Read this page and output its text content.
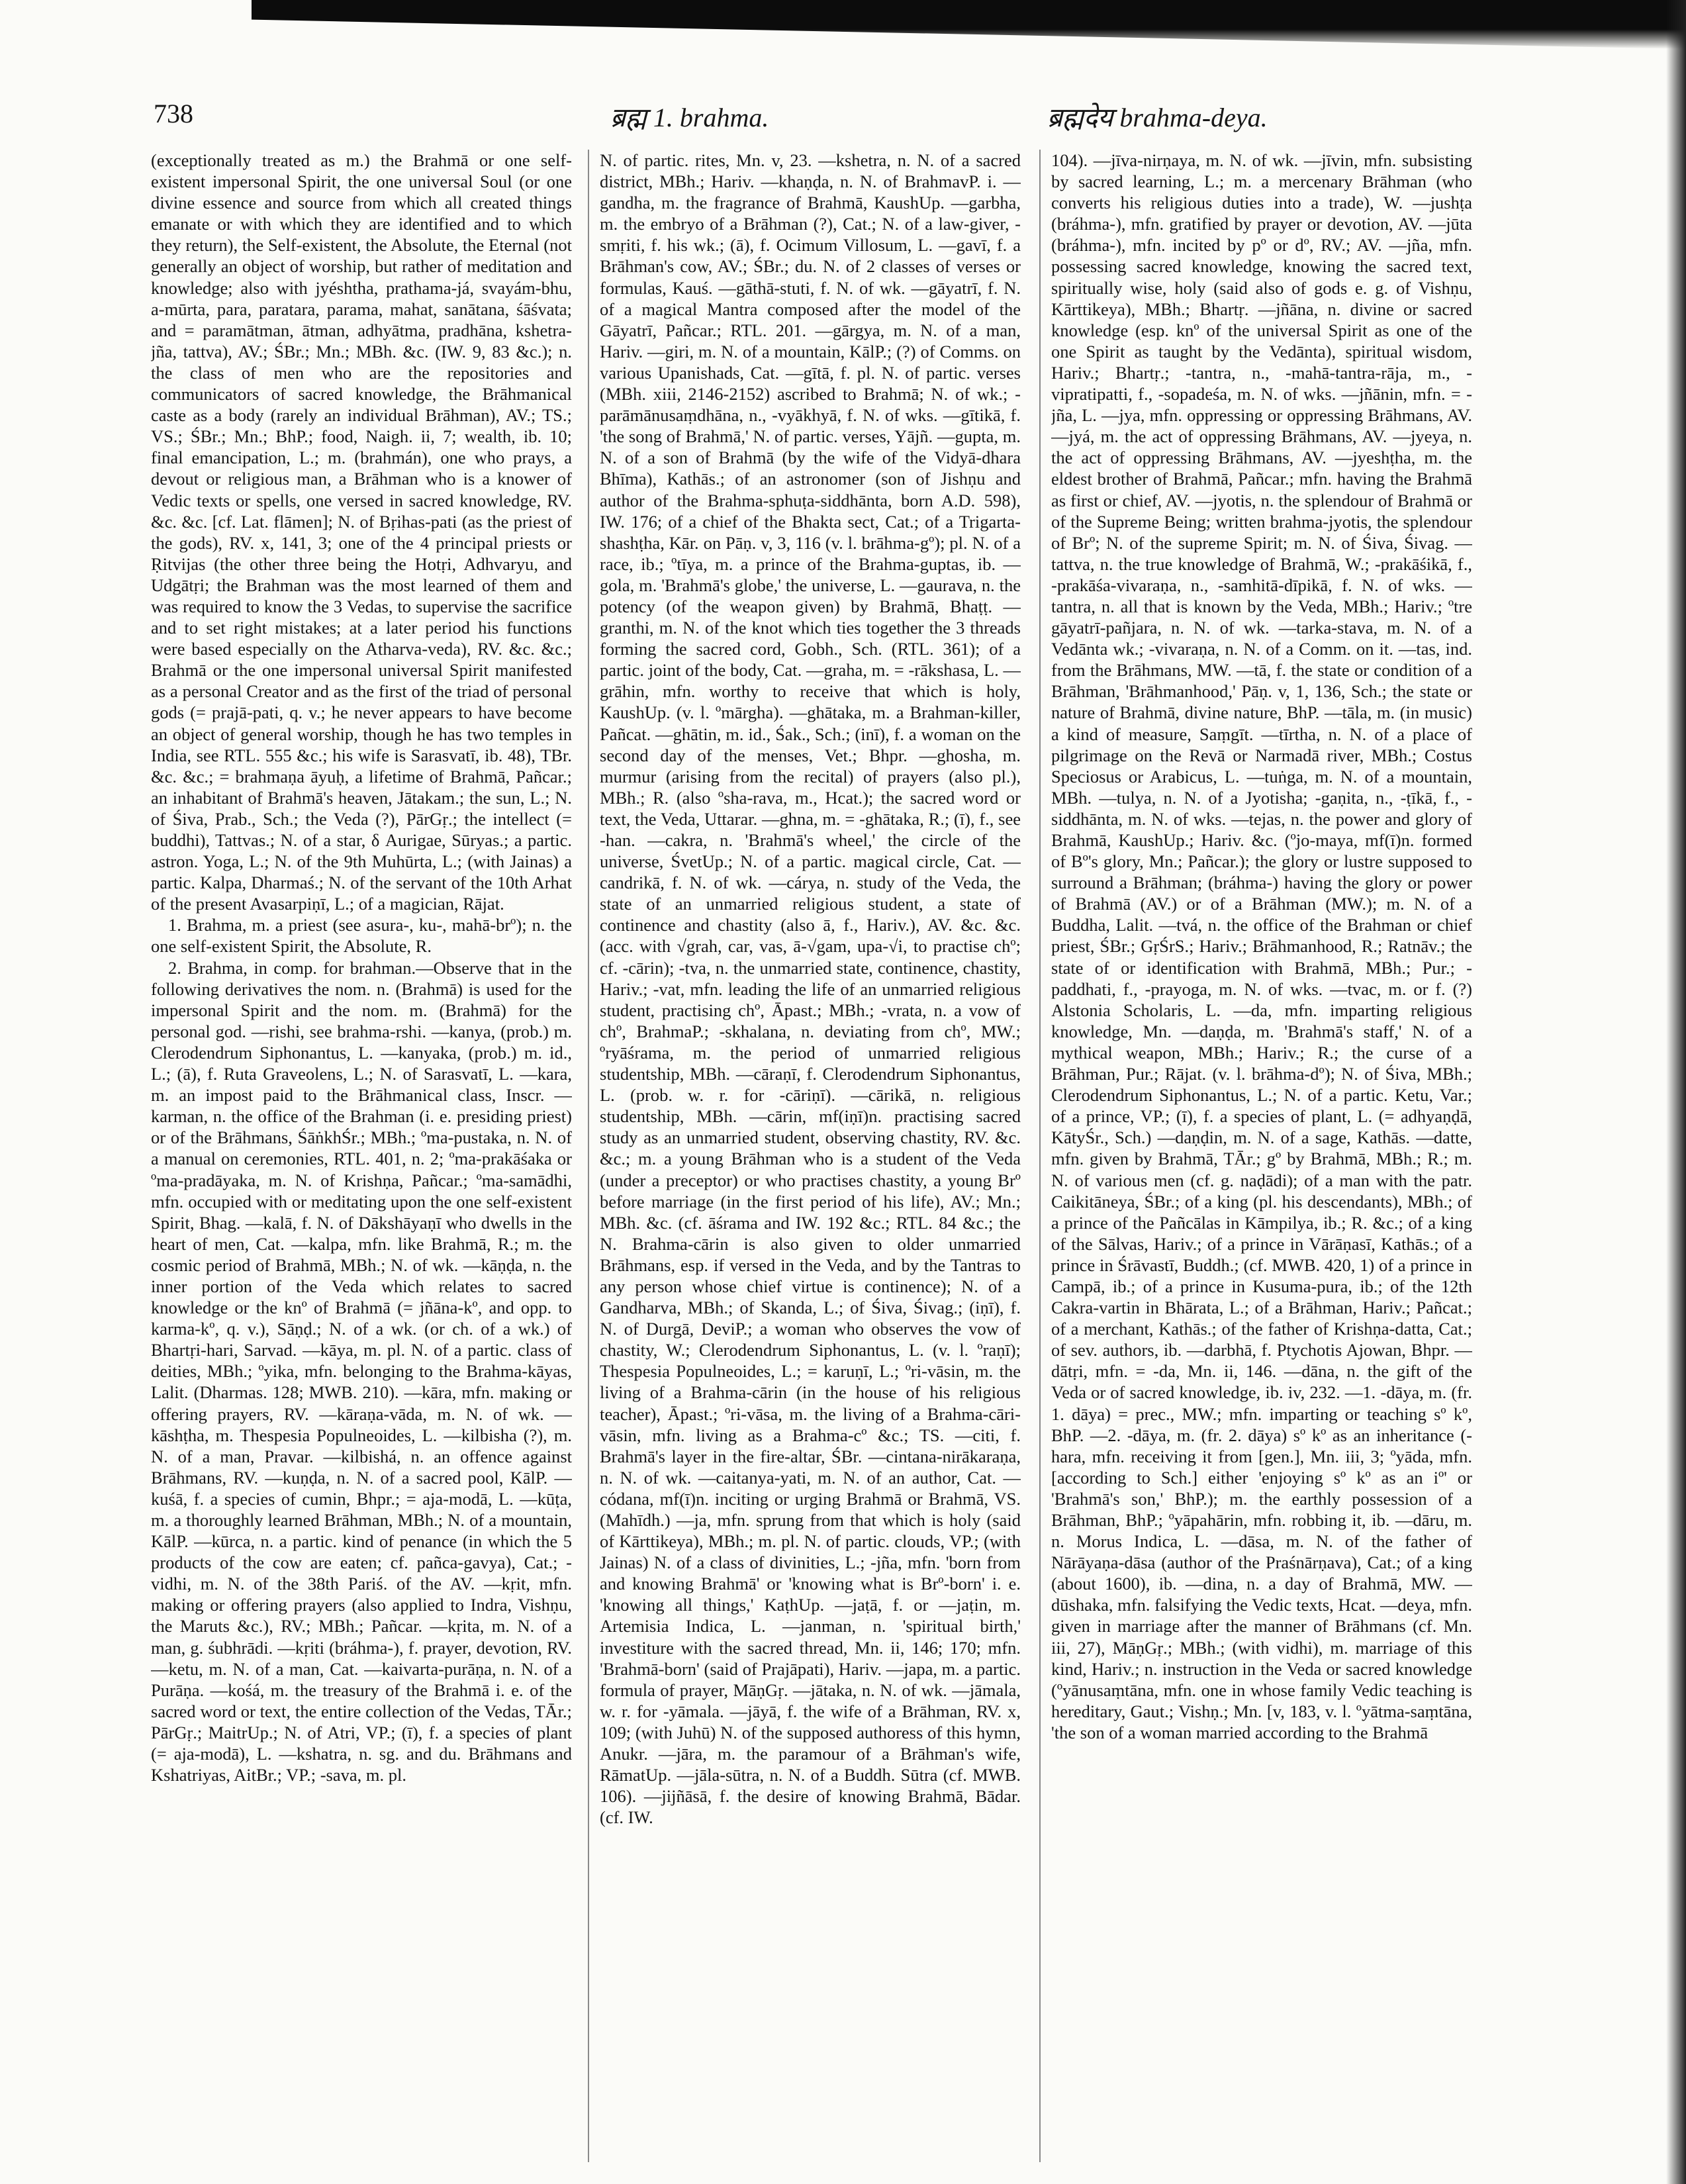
738	ब्रह्म 1. brahma.	ब्रह्मदेय brahma-deya.

(exceptionally treated as m.) the Brahmā or one self-existent impersonal Spirit, the one universal Soul (or one divine essence and source from which all created things emanate or with which they are identified and to which they return), the Self-existent, the Absolute, the Eternal (not generally an object of worship, but rather of meditation and knowledge; also with jyéshtha, prathama-já, svayám-bhu, a-mūrta, para, paratara, parama, mahat, sanātana, śāśvata; and = paramātman, ātman, adhyātma, pradhāna, kshetra-jña, tattva), AV.; ŚBr.; Mn.; MBh. &c. (IW. 9, 83 &c.); n. the class of men who are the repositories and communicators of sacred knowledge, the Brāhmanical caste as a body (rarely an individual Brāhman), AV.; TS.; VS.; ŚBr.; Mn.; BhP.; food, Naigh. ii, 7; wealth, ib. 10; final emancipation, L.; m. (brahmán), one who prays, a devout or religious man, a Brāhman who is a knower of Vedic texts or spells, one versed in sacred knowledge, RV. &c. &c. [cf. Lat. flāmen]; N. of Bṛihas-pati (as the priest of the gods), RV. x, 141, 3; one of the 4 principal priests or Ṛitvijas (the other three being the Hotṛi, Adhvaryu, and Udgātṛi; the Brahman was the most learned of them and was required to know the 3 Vedas, to supervise the sacrifice and to set right mistakes; at a later period his functions were based especially on the Atharva-veda), RV. &c. &c.; Brahmā or the one impersonal universal Spirit manifested as a personal Creator and as the first of the triad of personal gods (= prajā-pati, q. v.; he never appears to have become an object of general worship, though he has two temples in India, see RTL. 555 &c.; his wife is Sarasvatī, ib. 48), TBr. &c. &c.; = brahmaṇa āyuḥ, a lifetime of Brahmā, Pañcar.; an inhabitant of Brahmā's heaven, Jātakam.; the sun, L.; N. of Śiva, Prab., Sch.; the Veda (?), PārGṛ.; the intellect (= buddhi), Tattvas.; N. of a star, δ Aurigae, Sūryas.; a partic. astron. Yoga, L.; N. of the 9th Muhūrta, L.; (with Jainas) a partic. Kalpa, Dharmaś.; N. of the servant of the 10th Arhat of the present Avasarpiṇī, L.; of a magician, Rājat.

1. Brahma, m. a priest (see asura-, ku-, mahā-brº); n. the one self-existent Spirit, the Absolute, R.

2. Brahma, in comp. for brahman.—Observe that in the following derivatives the nom. n. (Brahmā) is used for the impersonal Spirit and the nom. m. (Brahmā) for the personal god. —rishi, see brahma-rshi. —kanya, (prob.) m. Clerodendrum Siphonantus, L. —kanyaka, (prob.) m. id., L.; (ā), f. Ruta Graveolens, L.; N. of Sarasvatī, L. —kara, m. an impost paid to the Brāhmanical class, Inscr. —karman, n. the office of the Brahman (i. e. presiding priest) or of the Brāhmans, ŚāṅkhŚr.; MBh.; ºma-pustaka, n. N. of a manual on ceremonies, RTL. 401, n. 2; ºma-prakāśaka or ºma-pradāyaka, m. N. of Krishṇa, Pañcar.; ºma-samādhi, mfn. occupied with or meditating upon the one self-existent Spirit, Bhag. —kalā, f. N. of Dākshāyaṇī who dwells in the heart of men, Cat. —kalpa, mfn. like Brahmā, R.; m. the cosmic period of Brahmā, MBh.; N. of wk. —kāṇḍa, n. the inner portion of the Veda which relates to sacred knowledge or the knº of Brahmā (= jñāna-kº, and opp. to karma-kº, q. v.), Sāṇḍ.; N. of a wk. (or ch. of a wk.) of Bhartṛi-hari, Sarvad. —kāya, m. pl. N. of a partic. class of deities, MBh.; ºyika, mfn. belonging to the Brahma-kāyas, Lalit. (Dharmas. 128; MWB. 210). —kāra, mfn. making or offering prayers, RV. —kāraṇa-vāda, m. N. of wk. —kāshṭha, m. Thespesia Populneoides, L. —kilbisha (?), m. N. of a man, Pravar. —kilbishá, n. an offence against Brāhmans, RV. —kuṇḍa, n. N. of a sacred pool, KālP. —kuśā, f. a species of cumin, Bhpr.; = aja-modā, L. —kūṭa, m. a thoroughly learned Brāhman, MBh.; N. of a mountain, KālP. —kūrca, n. a partic. kind of penance (in which the 5 products of the cow are eaten; cf. pañca-gavya), Cat.; -vidhi, m. N. of the 38th Pariś. of the AV. —kṛit, mfn. making or offering prayers (also applied to Indra, Vishṇu, the Maruts &c.), RV.; MBh.; Pañcar. —kṛita, m. N. of a man, g. śubhrādi. —kṛiti (bráhma-), f. prayer, devotion, RV. —ketu, m. N. of a man, Cat. —kaivarta-purāṇa, n. N. of a Purāṇa. —kośá, m. the treasury of the Brahmā i. e. of the sacred word or text, the entire collection of the Vedas, TĀr.; PārGṛ.; MaitrUp.; N. of Atri, VP.; (ī), f. a species of plant (= aja-modā), L. —kshatra, n. sg. and du. Brāhmans and Kshatriyas, AitBr.; VP.; -sava, m. pl.

N. of partic. rites, Mn. v, 23. —kshetra, n. N. of a sacred district, MBh.; Hariv. —khaṇḍa, n. N. of BrahmavP. i. —gandha, m. the fragrance of Brahmā, KaushUp. —garbha, m. the embryo of a Brāhman (?), Cat.; N. of a law-giver, -smṛiti, f. his wk.; (ā), f. Ocimum Villosum, L. —gavī, f. a Brāhman's cow, AV.; ŚBr.; du. N. of 2 classes of verses or formulas, Kauś. —gāthā-stuti, f. N. of wk. —gāyatrī, f. N. of a magical Mantra composed after the model of the Gāyatrī, Pañcar.; RTL. 201. —gārgya, m. N. of a man, Hariv. —giri, m. N. of a mountain, KālP.; (?) of Comms. on various Upanishads, Cat. —gītā, f. pl. N. of partic. verses (MBh. xiii, 2146-2152) ascribed to Brahmā; N. of wk.; -parāmānusaṃdhāna, n., -vyākhyā, f. N. of wks. —gītikā, f. 'the song of Brahmā,' N. of partic. verses, Yājñ. —gupta, m. N. of a son of Brahmā (by the wife of the Vidyā-dhara Bhīma), Kathās.; of an astronomer (son of Jishṇu and author of the Brahma-sphuṭa-siddhānta, born A.D. 598), IW. 176; of a chief of the Bhakta sect, Cat.; of a Trigarta-shashṭha, Kār. on Pāṇ. v, 3, 116 (v. l. brāhma-gº); pl. N. of a race, ib.; ºtīya, m. a prince of the Brahma-guptas, ib. —gola, m. 'Brahmā's globe,' the universe, L. —gaurava, n. the potency (of the weapon given) by Brahmā, Bhaṭṭ. —granthi, m. N. of the knot which ties together the 3 threads forming the sacred cord, Gobh., Sch. (RTL. 361); of a partic. joint of the body, Cat. —graha, m. = -rākshasa, L. —grāhin, mfn. worthy to receive that which is holy, KaushUp. (v. l. ºmārgha). —ghātaka, m. a Brahman-killer, Pañcat. —ghātin, m. id., Śak., Sch.; (inī), f. a woman on the second day of the menses, Vet.; Bhpr. —ghosha, m. murmur (arising from the recital) of prayers (also pl.), MBh.; R. (also ºsha-rava, m., Hcat.); the sacred word or text, the Veda, Uttarar. —ghna, m. = -ghātaka, R.; (ī), f., see -han. —cakra, n. 'Brahmā's wheel,' the circle of the universe, ŚvetUp.; N. of a partic. magical circle, Cat. —candrikā, f. N. of wk. —cárya, n. study of the Veda, the state of an unmarried religious student, a state of continence and chastity (also ā, f., Hariv.), AV. &c. &c. (acc. with √grah, car, vas, ā-√gam, upa-√i, to practise chº; cf. -cārin); -tva, n. the unmarried state, continence, chastity, Hariv.; -vat, mfn. leading the life of an unmarried religious student, practising chº, Āpast.; MBh.; -vrata, n. a vow of chº, BrahmaP.; -skhalana, n. deviating from chº, MW.; ºryāśrama, m. the period of unmarried religious studentship, MBh. —cāraṇī, f. Clerodendrum Siphonantus, L. (prob. w. r. for -cāriṇī). —cārikā, n. religious studentship, MBh. —cārin, mf(iṇī)n. practising sacred study as an unmarried student, observing chastity, RV. &c. &c.; m. a young Brāhman who is a student of the Veda (under a preceptor) or who practises chastity, a young Brº before marriage (in the first period of his life), AV.; Mn.; MBh. &c. (cf. āśrama and IW. 192 &c.; RTL. 84 &c.; the N. Brahma-cārin is also given to older unmarried Brāhmans, esp. if versed in the Veda, and by the Tantras to any person whose chief virtue is continence); N. of a Gandharva, MBh.; of Skanda, L.; of Śiva, Śivag.; (iṇī), f. N. of Durgā, DeviP.; a woman who observes the vow of chastity, W.; Clerodendrum Siphonantus, L. (v. l. ºraṇī); Thespesia Populneoides, L.; = karuṇī, L.; ºri-vāsin, m. the living of a Brahma-cārin (in the house of his religious teacher), Āpast.; ºri-vāsa, m. the living of a Brahma-cāri-vāsin, mfn. living as a Brahma-cº &c.; TS. —citi, f. Brahmā's layer in the fire-altar, ŚBr. —cintana-nirākaraṇa, n. N. of wk. —caitanya-yati, m. N. of an author, Cat. —códana, mf(ī)n. inciting or urging Brahmā or Brahmā, VS. (Mahīdh.) —ja, mfn. sprung from that which is holy (said of Kārttikeya), MBh.; m. pl. N. of partic. clouds, VP.; (with Jainas) N. of a class of divinities, L.; -jña, mfn. 'born from and knowing Brahmā' or 'knowing what is Brº-born' i. e. 'knowing all things,' KaṭhUp. —jaṭā, f. or —jaṭin, m. Artemisia Indica, L. —janman, n. 'spiritual birth,' investiture with the sacred thread, Mn. ii, 146; 170; mfn. 'Brahmā-born' (said of Prajāpati), Hariv. —japa, m. a partic. formula of prayer, MāṇGṛ. —jātaka, n. N. of wk. —jāmala, w. r. for -yāmala. —jāyā, f. the wife of a Brāhman, RV. x, 109; (with Juhū) N. of the supposed authoress of this hymn, Anukr. —jāra, m. the paramour of a Brāhman's wife, RāmatUp. —jāla-sūtra, n. N. of a Buddh. Sūtra (cf. MWB. 106). —jijñāsā, f. the desire of knowing Brahmā, Bādar. (cf. IW.

104). —jīva-nirṇaya, m. N. of wk. —jīvin, mfn. subsisting by sacred learning, L.; m. a mercenary Brāhman (who converts his religious duties into a trade), W. —jushṭa (bráhma-), mfn. gratified by prayer or devotion, AV. —jūta (bráhma-), mfn. incited by pº or dº, RV.; AV. —jña, mfn. possessing sacred knowledge, knowing the sacred text, spiritually wise, holy (said also of gods e. g. of Vishṇu, Kārttikeya), MBh.; Bhartṛ. —jñāna, n. divine or sacred knowledge (esp. knº of the universal Spirit as one of the one Spirit as taught by the Vedānta), spiritual wisdom, Hariv.; Bhartṛ.; -tantra, n., -mahā-tantra-rāja, m., -vipratipatti, f., -sopadeśa, m. N. of wks. —jñānin, mfn. = -jña, L. —jya, mfn. oppressing or oppressing Brāhmans, AV. —jyá, m. the act of oppressing Brāhmans, AV. —jyeya, n. the act of oppressing Brāhmans, AV. —jyeshṭha, m. the eldest brother of Brahmā, Pañcar.; mfn. having the Brahmā as first or chief, AV. —jyotis, n. the splendour of Brahmā or of the Supreme Being; written brahma-jyotis, the splendour of Brº; N. of the supreme Spirit; m. N. of Śiva, Śivag. —tattva, n. the true knowledge of Brahmā, W.; -prakāśikā, f., -prakāśa-vivaraṇa, n., -samhitā-dīpikā, f. N. of wks. —tantra, n. all that is known by the Veda, MBh.; Hariv.; ºtre gāyatrī-pañjara, n. N. of wk. —tarka-stava, m. N. of a Vedānta wk.; -vivaraṇa, n. N. of a Comm. on it. —tas, ind. from the Brāhmans, MW. —tā, f. the state or condition of a Brāhman, 'Brāhmanhood,' Pāṇ. v, 1, 136, Sch.; the state or nature of Brahmā, divine nature, BhP. —tāla, m. (in music) a kind of measure, Saṃgīt. —tīrtha, n. N. of a place of pilgrimage on the Revā or Narmadā river, MBh.; Costus Speciosus or Arabicus, L. —tuṅga, m. N. of a mountain, MBh. —tulya, n. N. of a Jyotisha; -gaṇita, n., -ṭīkā, f., -siddhānta, m. N. of wks. —tejas, n. the power and glory of Brahmā, KaushUp.; Hariv. &c. (ºjo-maya, mf(ī)n. formed of Bº's glory, Mn.; Pañcar.); the glory or lustre supposed to surround a Brāhman; (bráhma-) having the glory or power of Brahmā (AV.) or of a Brāhman (MW.); m. N. of a Buddha, Lalit. —tvá, n. the office of the Brahman or chief priest, ŚBr.; GṛŚrS.; Hariv.; Brāhmanhood, R.; Ratnāv.; the state of or identification with Brahmā, MBh.; Pur.; -paddhati, f., -prayoga, m. N. of wks. —tvac, m. or f. (?) Alstonia Scholaris, L. —da, mfn. imparting religious knowledge, Mn. —daṇḍa, m. 'Brahmā's staff,' N. of a mythical weapon, MBh.; Hariv.; R.; the curse of a Brāhman, Pur.; Rājat. (v. l. brāhma-dº); N. of Śiva, MBh.; Clerodendrum Siphonantus, L.; N. of a partic. Ketu, Var.; of a prince, VP.; (ī), f. a species of plant, L. (= adhyaṇḍā, KātyŚr., Sch.) —daṇḍin, m. N. of a sage, Kathās. —datte, mfn. given by Brahmā, TĀr.; gº by Brahmā, MBh.; R.; m. N. of various men (cf. g. naḍādi); of a man with the patr. Caikitāneya, ŚBr.; of a king (pl. his descendants), MBh.; of a prince of the Pañcālas in Kāmpilya, ib.; R. &c.; of a king of the Sālvas, Hariv.; of a prince in Vārāṇasī, Kathās.; of a prince in Śrāvastī, Buddh.; (cf. MWB. 420, 1) of a prince in Campā, ib.; of a prince in Kusuma-pura, ib.; of the 12th Cakra-vartin in Bhārata, L.; of a Brāhman, Hariv.; Pañcat.; of a merchant, Kathās.; of the father of Krishṇa-datta, Cat.; of sev. authors, ib. —darbhā, f. Ptychotis Ajowan, Bhpr. —dātṛi, mfn. = -da, Mn. ii, 146. —dāna, n. the gift of the Veda or of sacred knowledge, ib. iv, 232. —1. -dāya, m. (fr. 1. dāya) = prec., MW.; mfn. imparting or teaching sº kº, BhP. —2. -dāya, m. (fr. 2. dāya) sº kº as an inheritance (-hara, mfn. receiving it from [gen.], Mn. iii, 3; ºyāda, mfn. [according to Sch.] either 'enjoying sº kº as an iº' or 'Brahmā's son,' BhP.); m. the earthly possession of a Brāhman, BhP.; ºyāpahārin, mfn. robbing it, ib. —dāru, m. n. Morus Indica, L. —dāsa, m. N. of the father of Nārāyaṇa-dāsa (author of the Praśnārṇava), Cat.; of a king (about 1600), ib. —dina, n. a day of Brahmā, MW. —dūshaka, mfn. falsifying the Vedic texts, Hcat. —deya, mfn. given in marriage after the manner of Brāhmans (cf. Mn. iii, 27), MāṇGṛ.; MBh.; (with vidhi), m. marriage of this kind, Hariv.; n. instruction in the Veda or sacred knowledge (ºyānusaṃtāna, mfn. one in whose family Vedic teaching is hereditary, Gaut.; Vishṇ.; Mn. [v, 183, v. l. ºyātma-saṃtāna, 'the son of a woman married according to the Brahmā
